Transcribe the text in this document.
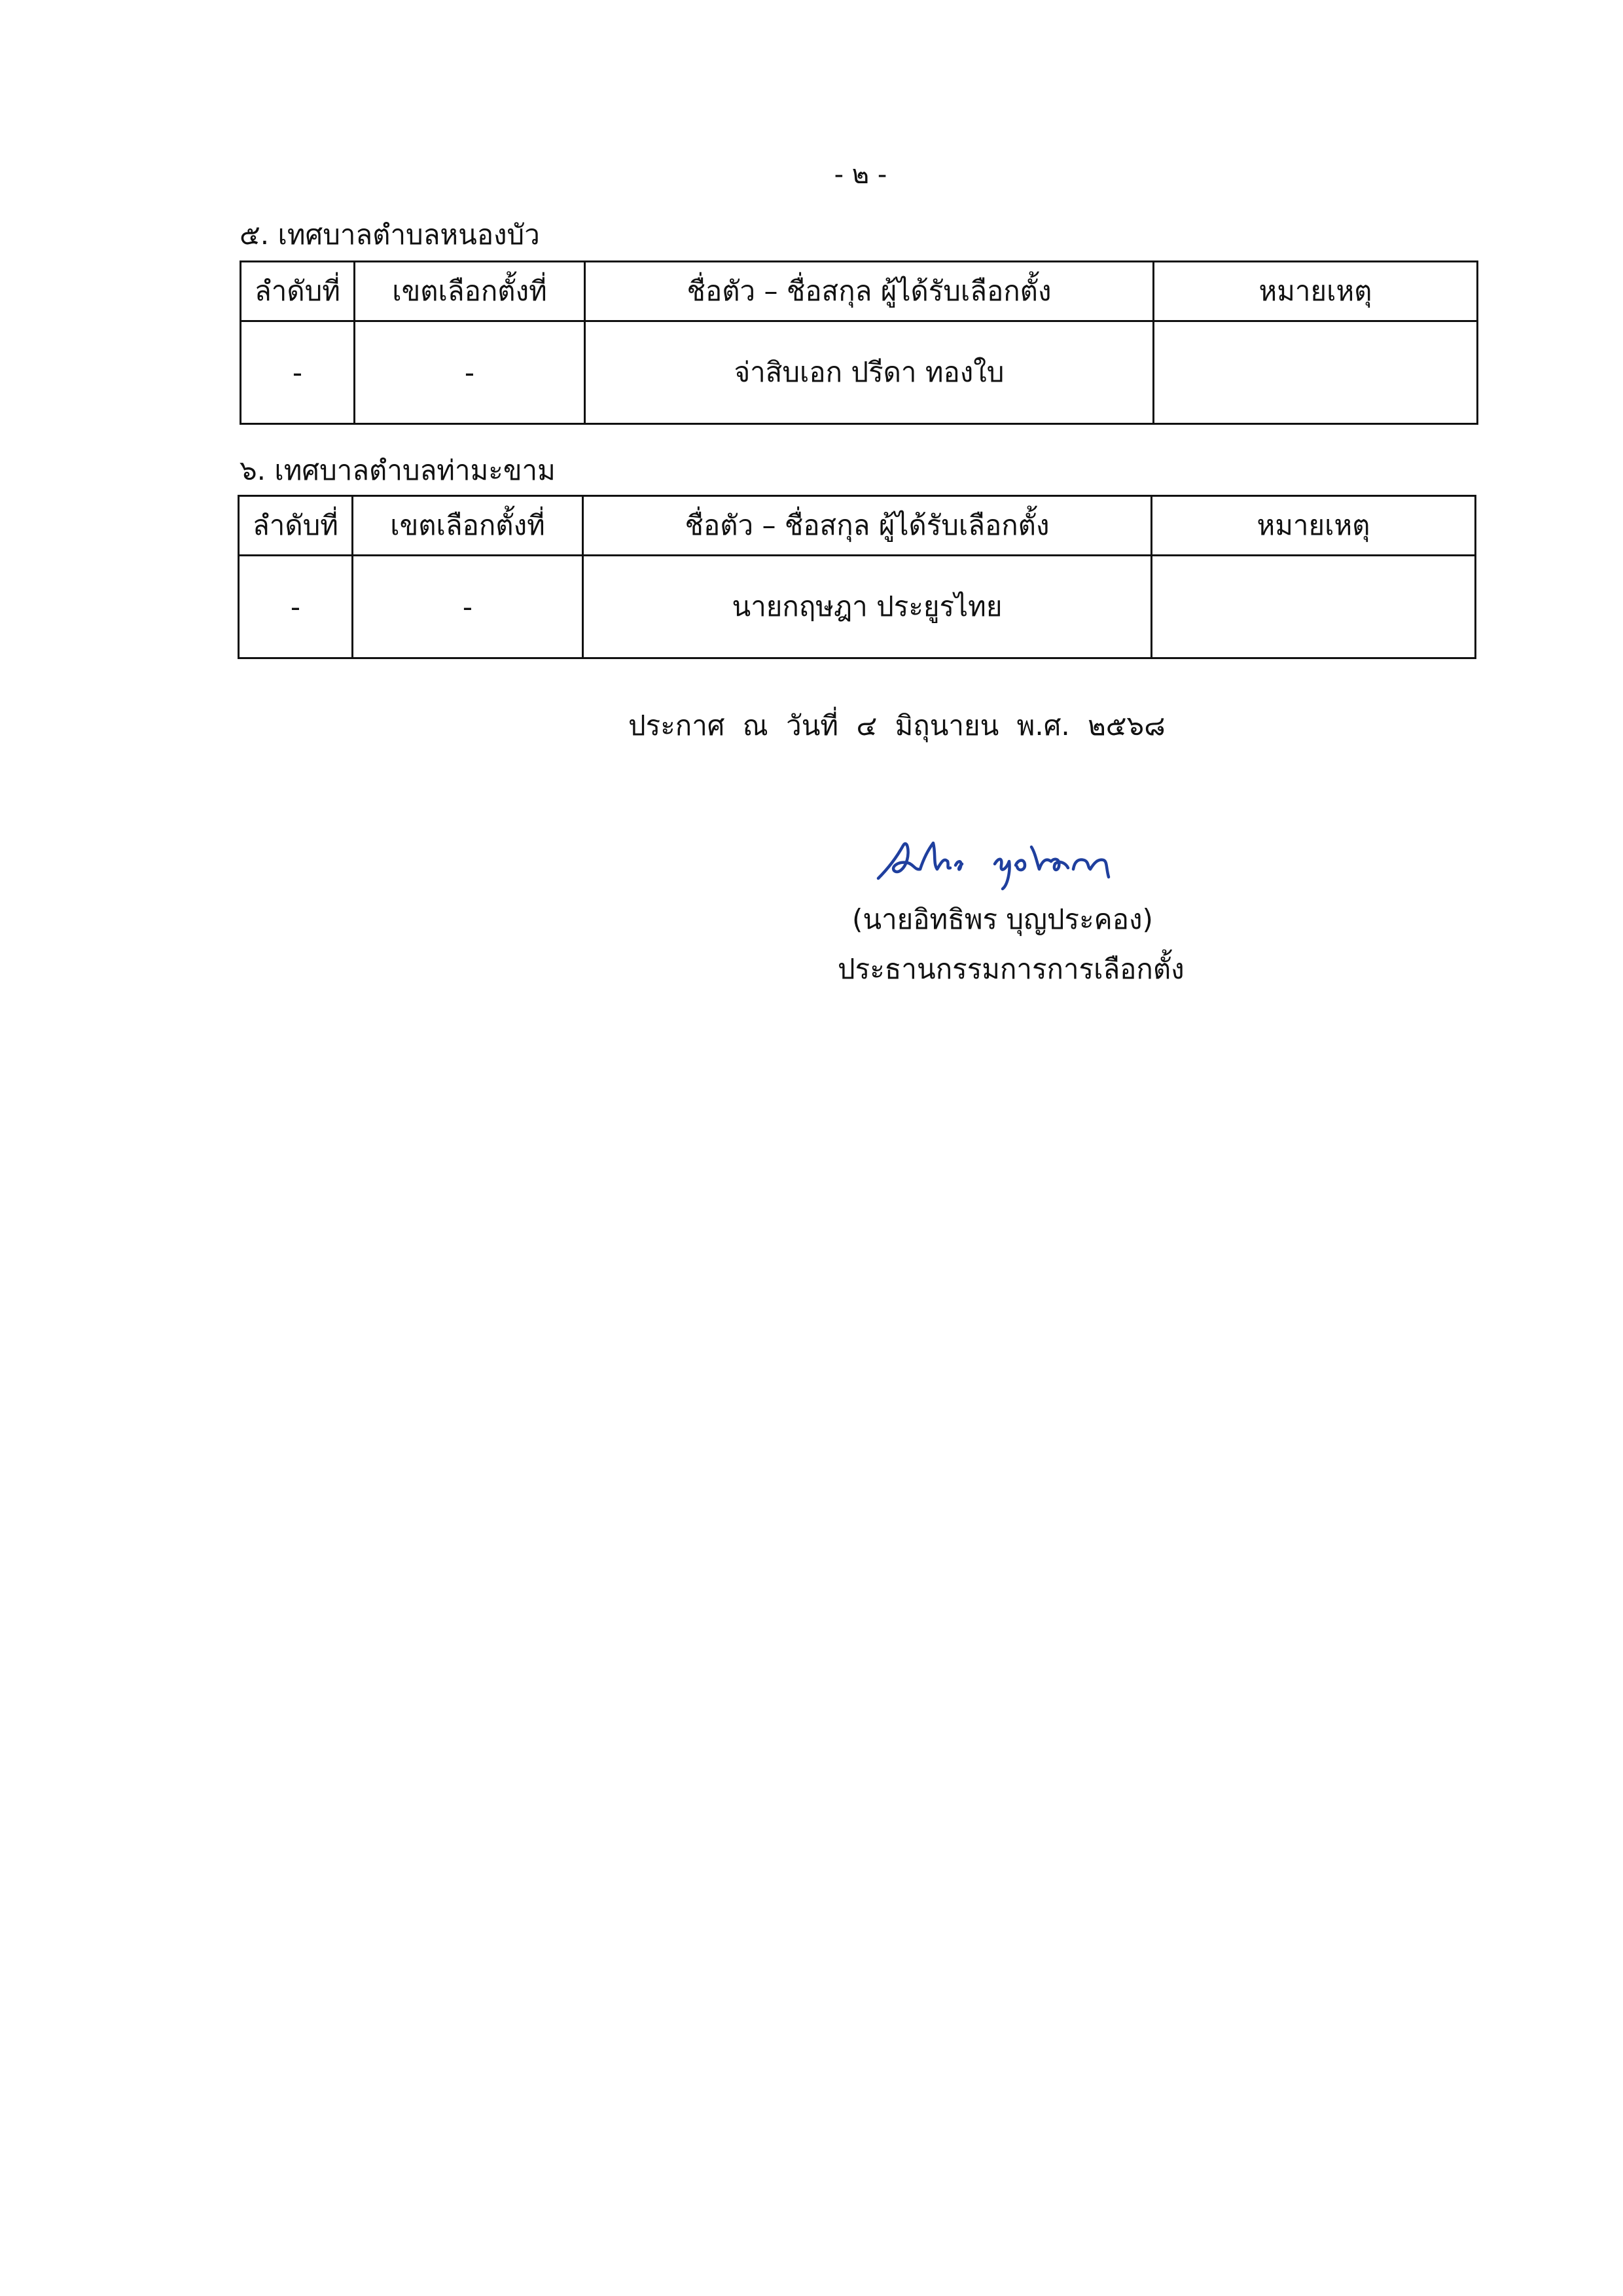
- ๒ -
๕. เทศบาลตำบลหนองบัว
ลำดับที่	เขตเลือกตั้งที่	ชื่อตัว – ชื่อสกุล ผู้ได้รับเลือกตั้ง	หมายเหตุ
-	-	จ่าสิบเอก ปรีดา ทองใบ	
๖. เทศบาลตำบลท่ามะขาม
ลำดับที่	เขตเลือกตั้งที่	ชื่อตัว – ชื่อสกุล ผู้ได้รับเลือกตั้ง	หมายเหตุ
-	-	นายกฤษฎา ประยูรไทย	
ประกาศ ณ วันที่ ๔ มิถุนายน พ.ศ. ๒๕๖๘
(นายอิทธิพร บุญประคอง)
ประธานกรรมการการเลือกตั้ง
